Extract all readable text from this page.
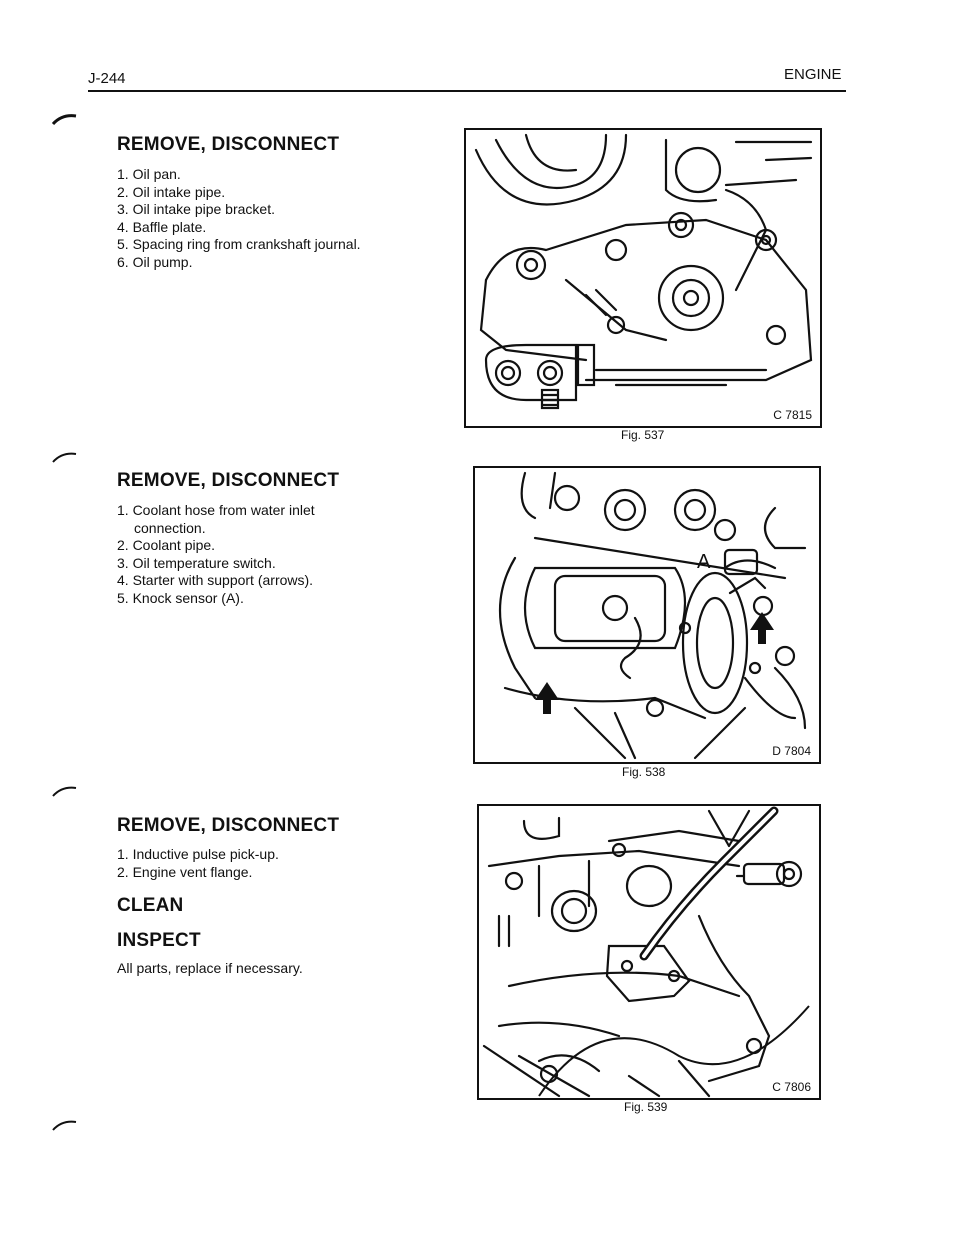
J-244	ENGINE
REMOVE, DISCONNECT
1. Oil pan.
2. Oil intake pipe.
3. Oil intake pipe bracket.
4. Baffle plate.
5. Spacing ring from crankshaft journal.
6. Oil pump.
REMOVE, DISCONNECT
1. Coolant hose from water inlet
connection.
2. Coolant pipe.
3. Oil temperature switch.
4. Starter with support (arrows).
5. Knock sensor (A).
REMOVE, DISCONNECT
1. Inductive pulse pick-up.
2. Engine vent flange.
CLEAN
INSPECT
All parts, replace if necessary.
C 7815
Fig. 537
A
D 7804
Fig. 538
C 7806
Fig. 539
